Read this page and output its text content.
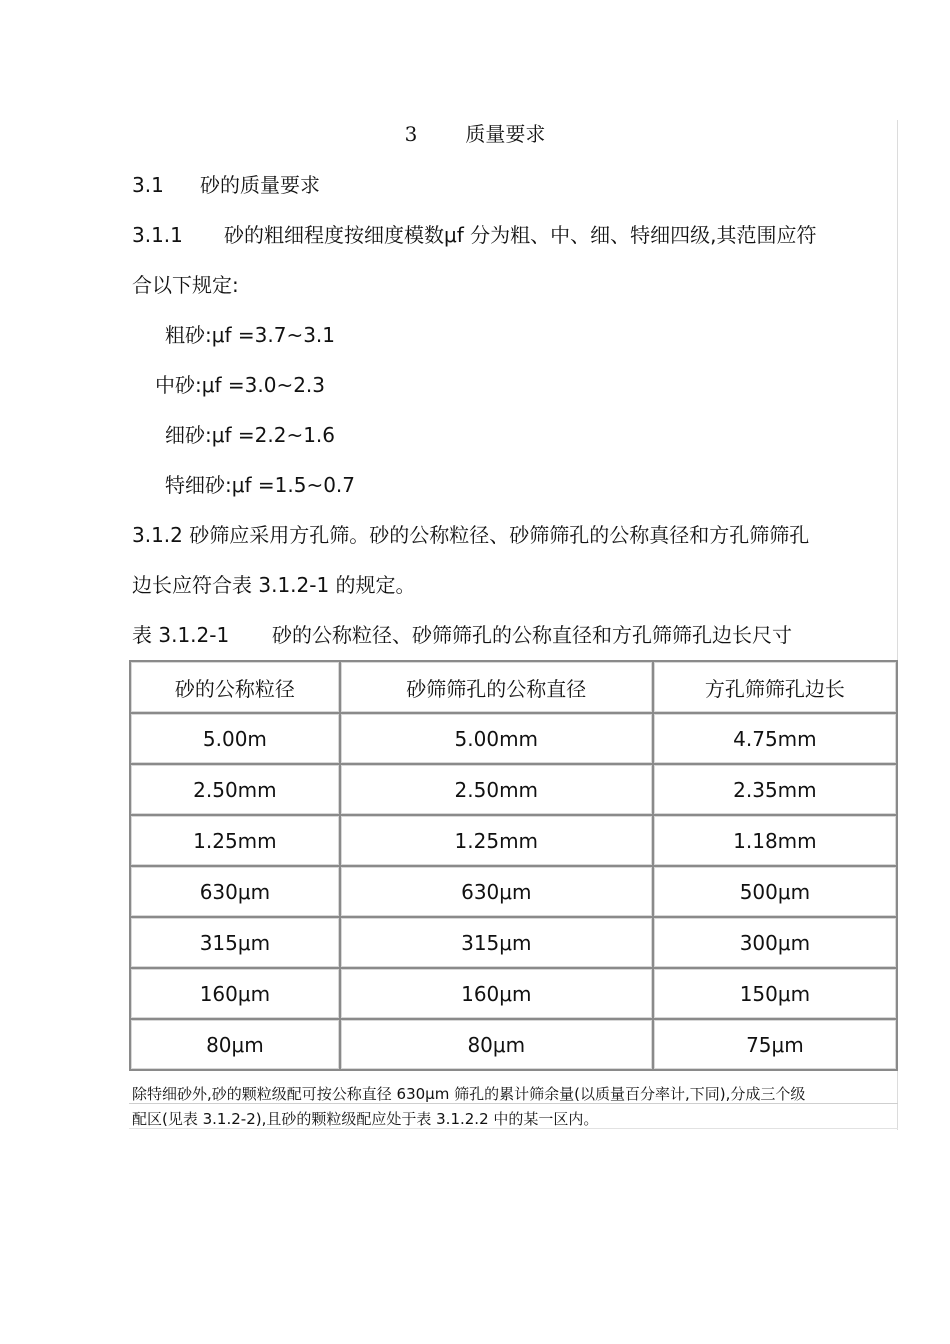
3 质量要求
3.1 砂的质量要求
3.1.1 砂的粗细程度按细度模数μf 分为粗、中、细、特细四级,其范围应符
合以下规定:
粗砂:μf =3.7~3.1
中砂:μf =3.0~2.3
细砂:μf =2.2~1.6
特细砂:μf =1.5~0.7
3.1.2 砂筛应采用方孔筛。砂的公称粒径、砂筛筛孔的公称真径和方孔筛筛孔
边长应符合表 3.1.2-1 的规定。
表 3.1.2-1 砂的公称粒径、砂筛筛孔的公称直径和方孔筛筛孔边长尺寸
砂的公称粒径	砂筛筛孔的公称直径	方孔筛筛孔边长
5.00m	5.00mm	4.75mm
2.50mm	2.50mm	2.35mm
1.25mm	1.25mm	1.18mm
630μm	630μm	500μm
315μm	315μm	300μm
160μm	160μm	150μm
80μm	80μm	75μm
除特细砂外,砂的颗粒级配可按公称直径 630μm 筛孔的累计筛余量(以质量百分率计,下同),分成三个级
配区(见表 3.1.2-2),且砂的颗粒级配应处于表 3.1.2.2 中的某一区内。
